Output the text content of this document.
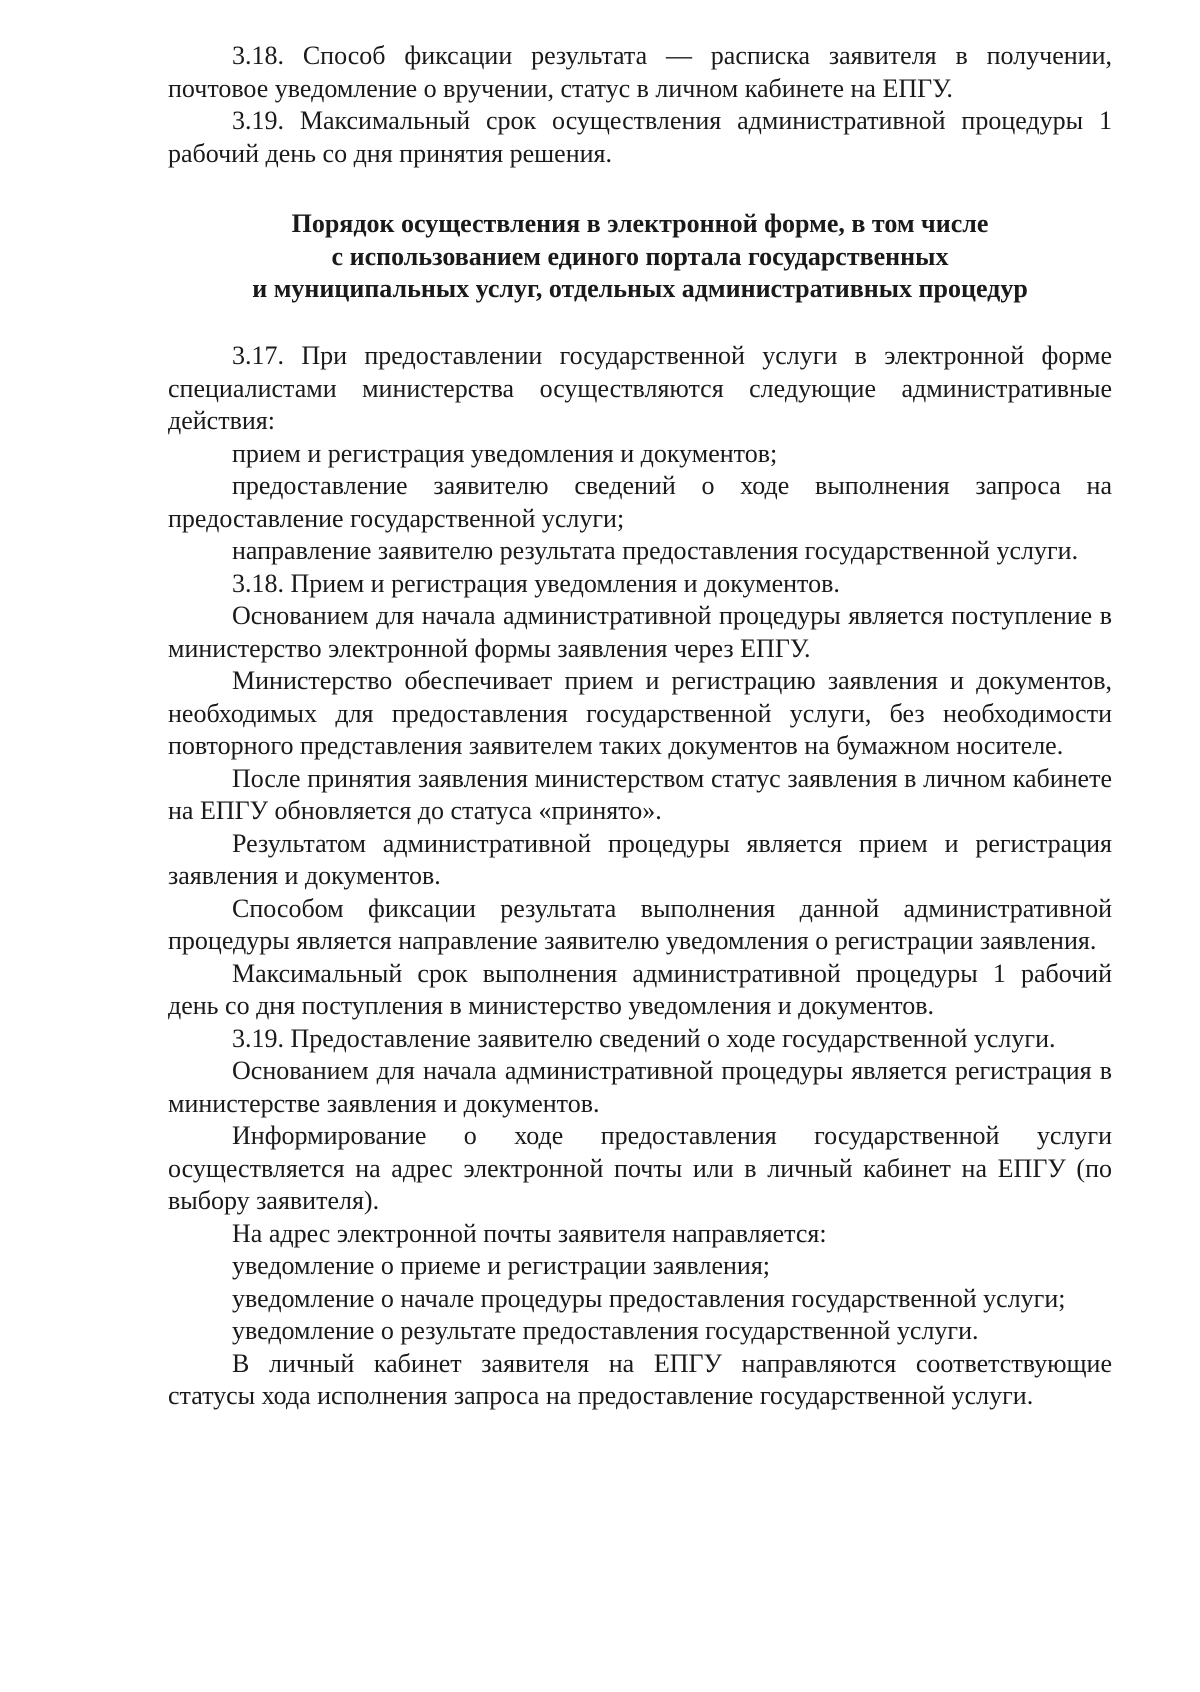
3.18. Способ фиксации результата — расписка заявителя в получении, почтовое уведомление о вручении, статус в личном кабинете на ЕПГУ.

3.19. Максимальный срок осуществления административной процедуры 1 рабочий день со дня принятия решения.

Порядок осуществления в электронной форме, в том числе
с использованием единого портала государственных
и муниципальных услуг, отдельных административных процедур

3.17. При предоставлении государственной услуги в электронной форме специалистами министерства осуществляются следующие административные действия:

прием и регистрация уведомления и документов;

предоставление заявителю сведений о ходе выполнения запроса на предоставление государственной услуги;

направление заявителю результата предоставления государственной услуги.

3.18. Прием и регистрация уведомления и документов.

Основанием для начала административной процедуры является поступление в министерство электронной формы заявления через ЕПГУ.

Министерство обеспечивает прием и регистрацию заявления и документов, необходимых для предоставления государственной услуги, без необходимости повторного представления заявителем таких документов на бумажном носителе.

После принятия заявления министерством статус заявления в личном кабинете на ЕПГУ обновляется до статуса «принято».

Результатом административной процедуры является прием и регистрация заявления и документов.

Способом фиксации результата выполнения данной административной процедуры является направление заявителю уведомления о регистрации заявления.

Максимальный срок выполнения административной процедуры 1 рабочий день со дня поступления в министерство уведомления и документов.

3.19. Предоставление заявителю сведений о ходе государственной услуги.

Основанием для начала административной процедуры является регистрация в министерстве заявления и документов.

Информирование о ходе предоставления государственной услуги осуществляется на адрес электронной почты или в личный кабинет на ЕПГУ (по выбору заявителя).

На адрес электронной почты заявителя направляется:

уведомление о приеме и регистрации заявления;

уведомление о начале процедуры предоставления государственной услуги;

уведомление о результате предоставления государственной услуги.

В личный кабинет заявителя на ЕПГУ направляются соответствующие статусы хода исполнения запроса на предоставление государственной услуги.
